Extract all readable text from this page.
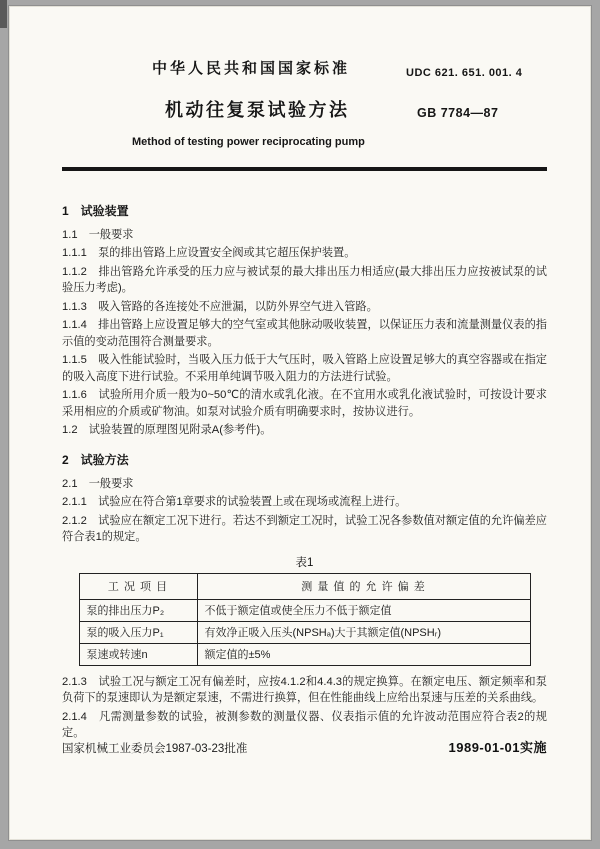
中华人民共和国国家标准	UDC 621. 651. 001. 4
机动往复泵试验方法	GB 7784—87
Method of testing power reciprocating pump
1　试验装置

1.1　一般要求

1.1.1　泵的排出管路上应设置安全阀或其它超压保护装置。

1.1.2　排出管路允许承受的压力应与被试泵的最大排出压力相适应(最大排出压力应按被试泵的试验压力考虑)。

1.1.3　吸入管路的各连接处不应泄漏，以防外界空气进入管路。

1.1.4　排出管路上应设置足够大的空气室或其他脉动吸收装置，以保证压力表和流量测量仪表的指示值的变动范围符合测量要求。

1.1.5　吸入性能试验时，当吸入压力低于大气压时，吸入管路上应设置足够大的真空容器或在指定的吸入高度下进行试验。不采用单纯调节吸入阻力的方法进行试验。

1.1.6　试验所用介质一般为0~50℃的清水或乳化液。在不宜用水或乳化液试验时，可按设计要求采用相应的介质或矿物油。如泵对试验介质有明确要求时，按协议进行。

1.2　试验装置的原理图见附录A(参考件)。

2　试验方法

2.1　一般要求

2.1.1　试验应在符合第1章要求的试验装置上或在现场或流程上进行。

2.1.2　试验应在额定工况下进行。若达不到额定工况时，试验工况各参数值对额定值的允许偏差应符合表1的规定。

表1
工 况 项 目	测 量 值 的 允 许 偏 差
泵的排出压力P₂	不低于额定值或使全压力不低于额定值
泵的吸入压力P₁	有效净正吸入压头(NPSHₐ)大于其额定值(NPSHᵣ)
泵速或转速n	额定值的±5%

2.1.3　试验工况与额定工况有偏差时，应按4.1.2和4.4.3的规定换算。在额定电压、额定频率和泵负荷下的泵速即认为是额定泵速，不需进行换算，但在性能曲线上应给出泵速与压差的关系曲线。

2.1.4　凡需测量参数的试验，被测参数的测量仪器、仪表指示值的允许波动范围应符合表2的规定。

国家机械工业委员会1987-03-23批准	1989-01-01实施
